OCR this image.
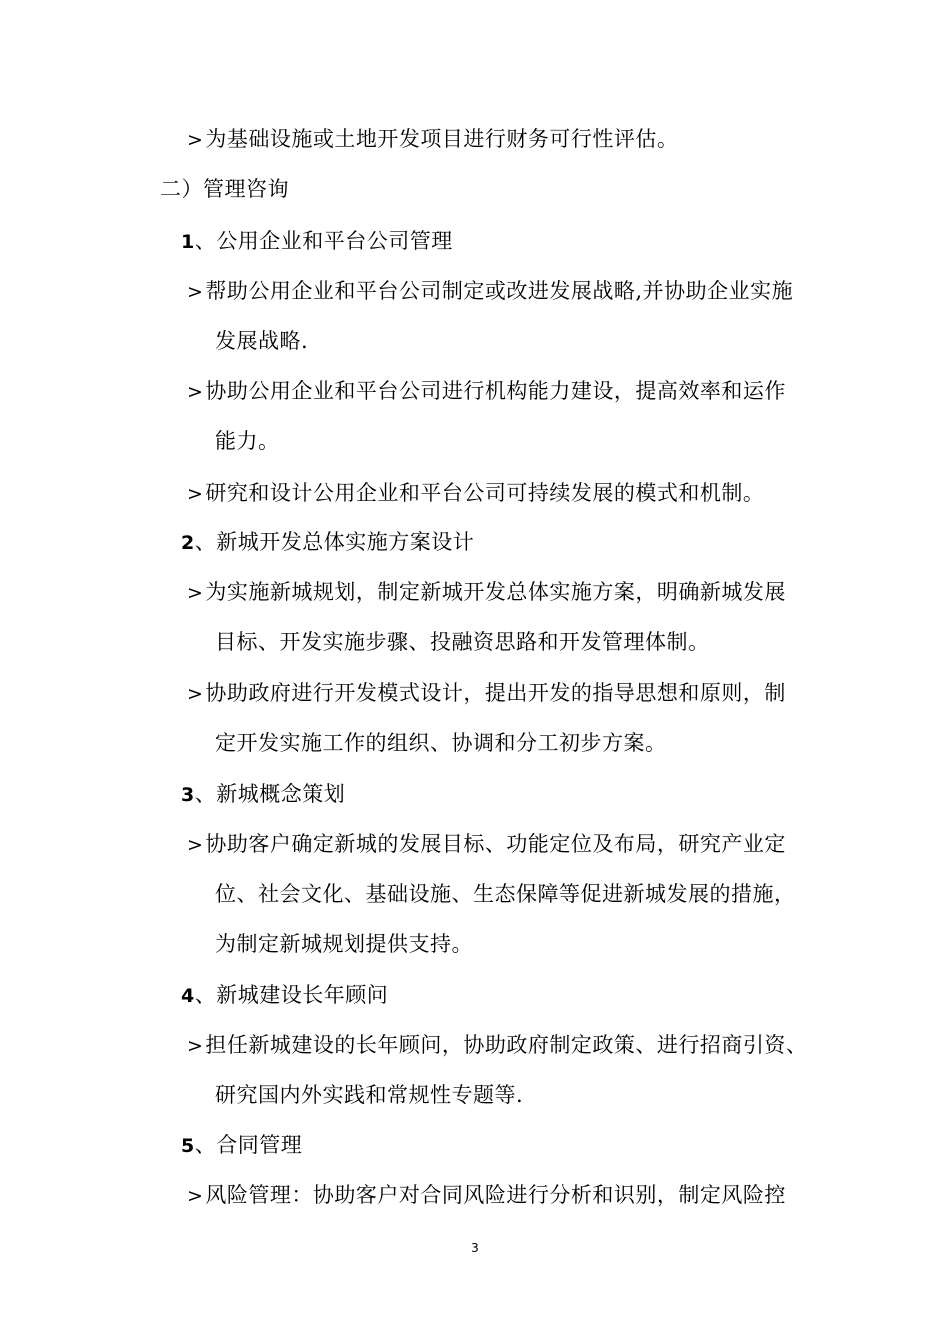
>为基础设施或土地开发项目进行财务可行性评估。
二）管理咨询
1、公用企业和平台公司管理
>帮助公用企业和平台公司制定或改进发展战略,并协助企业实施
发展战略.
>协助公用企业和平台公司进行机构能力建设，提高效率和运作
能力。
>研究和设计公用企业和平台公司可持续发展的模式和机制。
2、新城开发总体实施方案设计
>为实施新城规划，制定新城开发总体实施方案，明确新城发展
目标、开发实施步骤、投融资思路和开发管理体制。
>协助政府进行开发模式设计，提出开发的指导思想和原则，制
定开发实施工作的组织、协调和分工初步方案。
3、新城概念策划
>协助客户确定新城的发展目标、功能定位及布局，研究产业定
位、社会文化、基础设施、生态保障等促进新城发展的措施，
为制定新城规划提供支持。
4、新城建设长年顾问
>担任新城建设的长年顾问，协助政府制定政策、进行招商引资、
研究国内外实践和常规性专题等.
5、合同管理
>风险管理：协助客户对合同风险进行分析和识别，制定风险控
3
